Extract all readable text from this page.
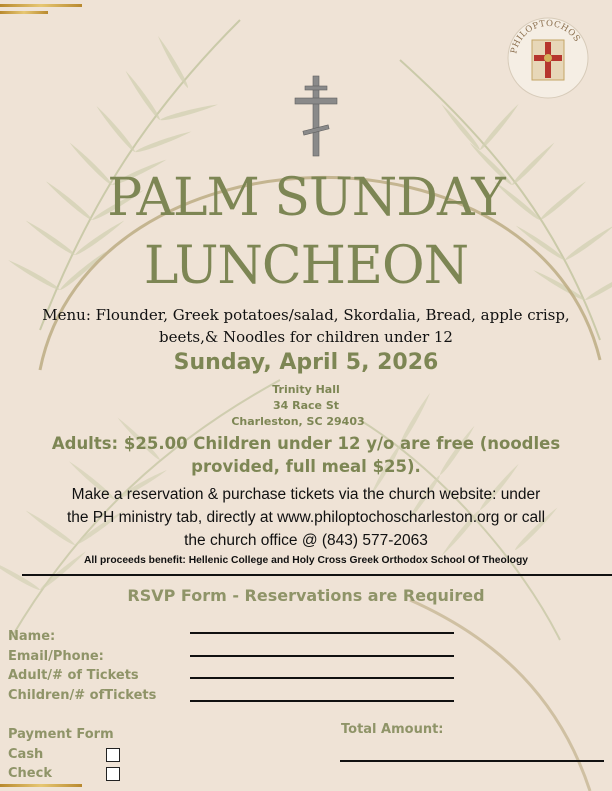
PHILOPTOCHOS
PALM SUNDAY
LUNCHEON
Menu: Flounder, Greek potatoes/salad, Skordalia, Bread, apple crisp,
beets,& Noodles for children under 12
Sunday, April 5, 2026
Trinity Hall
34 Race St
Charleston, SC 29403
Adults: $25.00 Children under 12 y/o are free (noodles
provided, full meal $25).
Make a reservation & purchase tickets via the church website: under
the PH ministry tab, directly at www.philoptochoscharleston.org or call
the church office @ (843) 577-2063
All proceeds benefit: Hellenic College and Holy Cross Greek Orthodox School Of Theology
RSVP Form - Reservations are Required
Name:
Email/Phone:
Adult/# of Tickets
Children/# ofTickets
Payment Form
Cash
Check
Total Amount:
